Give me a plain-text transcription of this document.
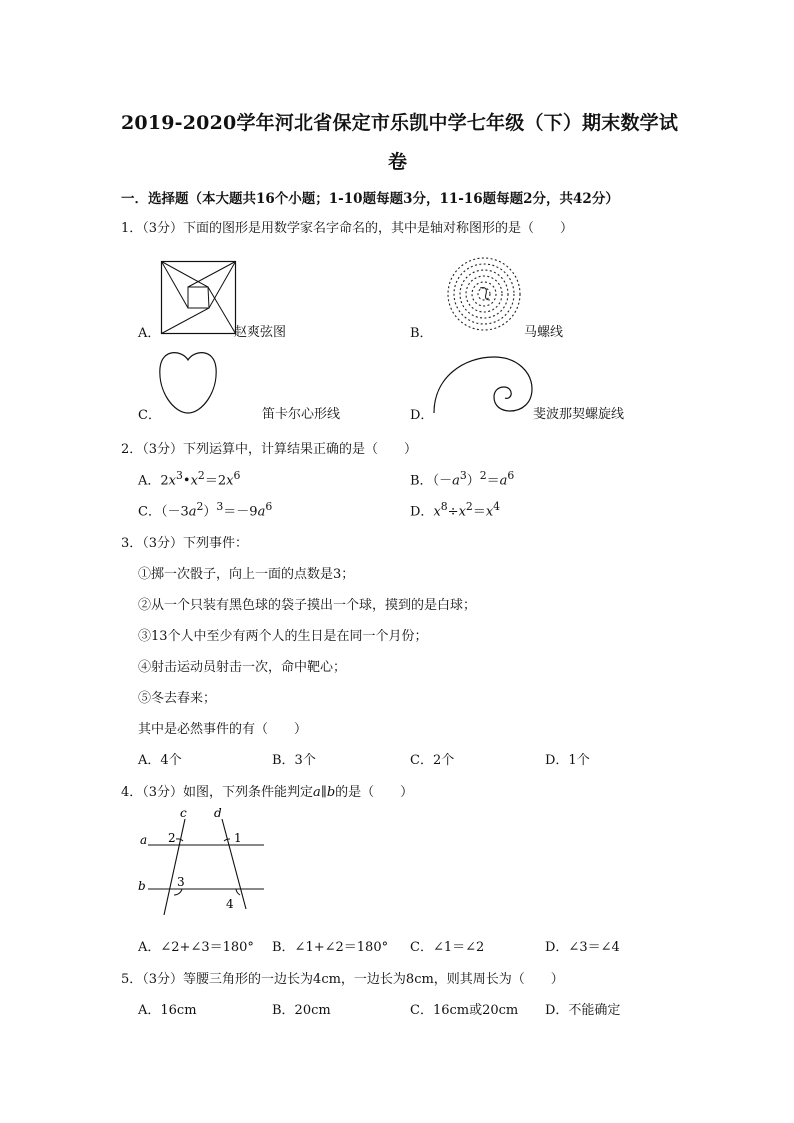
2019-2020学年河北省保定市乐凯中学七年级（下）期末数学试
卷
一．选择题（本大题共16个小题；1-10题每题3分，11-16题每题2分，共42分）
1．（3分）下面的图形是用数学家名字命名的，其中是轴对称图形的是（　　）
A．	赵爽弦图	B．	马螺线
C．	笛卡尔心形线	D．	斐波那契螺旋线
2．（3分）下列运算中，计算结果正确的是（　　）
A．$2x^3•x^2=2x^6$	B．$(-a^3)^2=a^6$
C．$(-3a^2)^3=-9a^6$	D．$x^8\div x^2=x^4$
3．（3分）下列事件：
①掷一次骰子，向上一面的点数是3；
②从一个只装有黑色球的袋子摸出一个球，摸到的是白球；
③13个人中至少有两个人的生日是在同一个月份；
④射击运动员射击一次，命中靶心；
⑤冬去春来；
其中是必然事件的有（　　）
A．4个	B．3个	C．2个	D．1个
4．（3分）如图，下列条件能判定a∥b的是（　　）
c d
a
b
2	1
3
4
A．∠2+∠3＝180° B．∠1+∠2＝180° C．∠1＝∠2	D．∠3＝∠4
5．（3分）等腰三角形的一边长为4cm，一边长为8cm，则其周长为（　　）
A．16cm	B．20cm	C．16cm或20cm D．不能确定
